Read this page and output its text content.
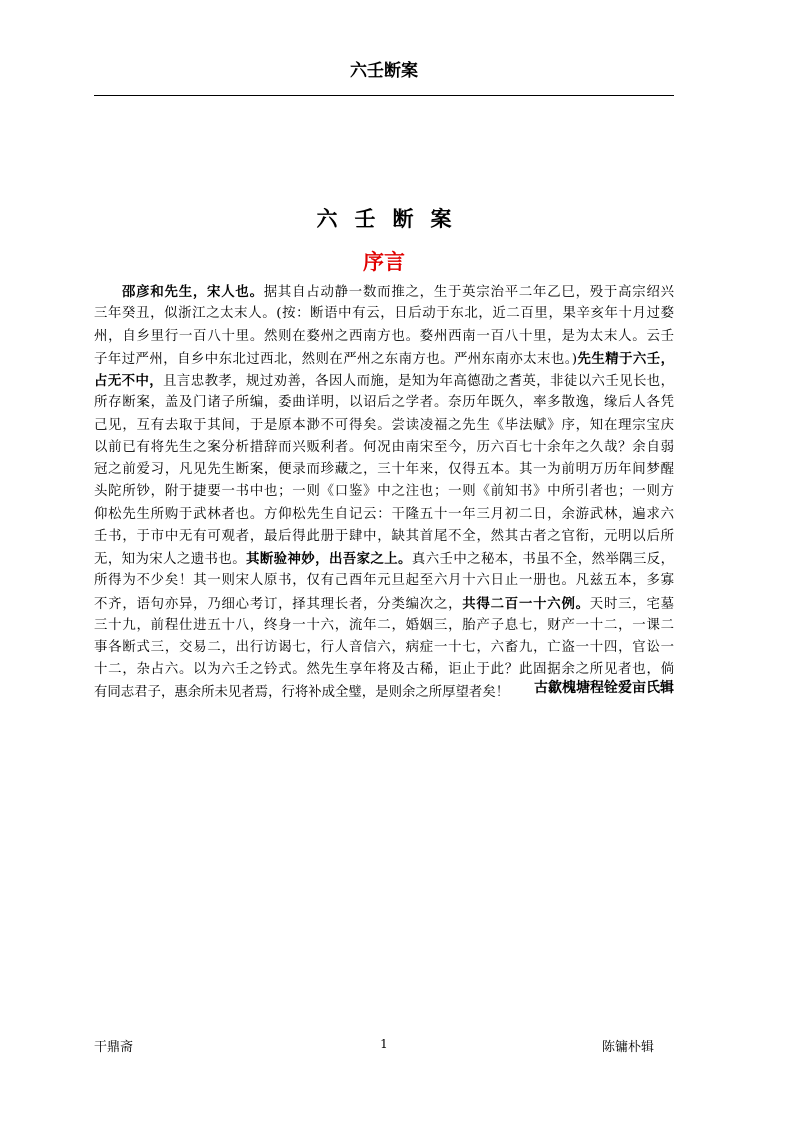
六壬断案
六壬断案
序言
邵彦和先生，宋人也。据其自占动静一数而推之，生于英宗治平二年乙巳，殁于高宗绍兴
三年癸丑，似浙江之太末人。(按：断语中有云，日后动于东北，近二百里，果辛亥年十月过婺
州，自乡里行一百八十里。然则在婺州之西南方也。婺州西南一百八十里，是为太末人。云壬
子年过严州，自乡中东北过西北，然则在严州之东南方也。严州东南亦太末也。)先生精于六壬，
占无不中，且言忠教孝，规过劝善，各因人而施，是知为年高德劭之耆英，非徒以六壬见长也，
所存断案，盖及门诸子所编，委曲详明，以诏后之学者。奈历年既久，率多散逸，缘后人各凭
己见，互有去取于其间，于是原本渺不可得矣。尝读凌福之先生《毕法赋》序，知在理宗宝庆
以前已有将先生之案分析措辞而兴贩利者。何况由南宋至今，历六百七十余年之久哉？余自弱
冠之前爱习，凡见先生断案，便录而珍藏之，三十年来，仅得五本。其一为前明万历年间梦醒
头陀所钞，附于捷要一书中也；一则《口鉴》中之注也；一则《前知书》中所引者也；一则方
仰松先生所购于武林者也。方仰松先生自记云：干隆五十一年三月初二日，余游武林，遍求六
壬书，于市中无有可观者，最后得此册于肆中，缺其首尾不全，然其古者之官衔，元明以后所
无，知为宋人之遗书也。其断验神妙，出吾家之上。真六壬中之秘本，书虽不全，然举隅三反，
所得为不少矣！其一则宋人原书，仅有己酉年元旦起至六月十六日止一册也。凡兹五本，多寡
不齐，语句亦异，乃细心考订，择其理长者，分类编次之，共得二百一十六例。天时三，宅墓
三十九，前程仕进五十八，终身一十六，流年二，婚姻三，胎产子息七，财产一十二，一课二
事各断式三，交易二，出行访谒七，行人音信六，病症一十七，六畜九，亡盗一十四，官讼一
十二，杂占六。以为六壬之钤式。然先生享年将及古稀，讵止于此？此固据余之所见者也，倘
有同志君子，惠余所未见者焉，行将补成全璧，是则余之所厚望者矣！	古歙槐塘程铨爱亩氏辑
干鼎斋	1	陈镛朴辑
